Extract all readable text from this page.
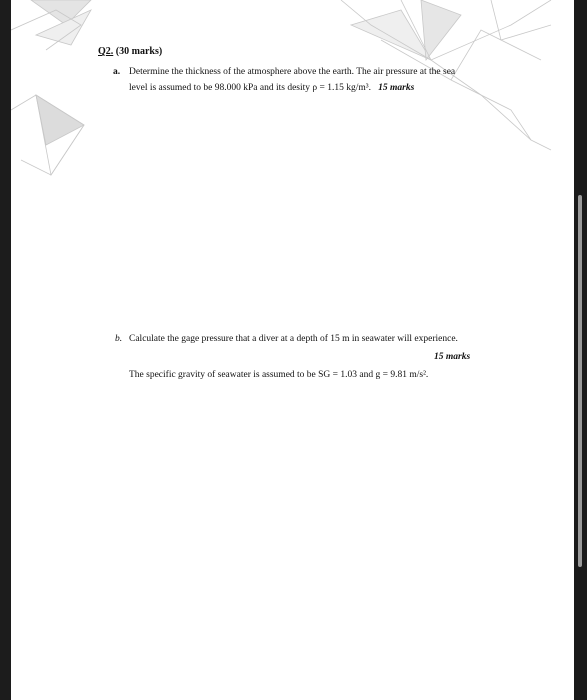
Q2. (30 marks)
a. Determine the thickness of the atmosphere above the earth. The air pressure at the sea
level is assumed to be 98.000 kPa and its desity ρ = 1.15 kg/m³. 15 marks
b. Calculate the gage pressure that a diver at a depth of 15 m in seawater will experience.
15 marks
The specific gravity of seawater is assumed to be SG = 1.03 and g = 9.81 m/s².
